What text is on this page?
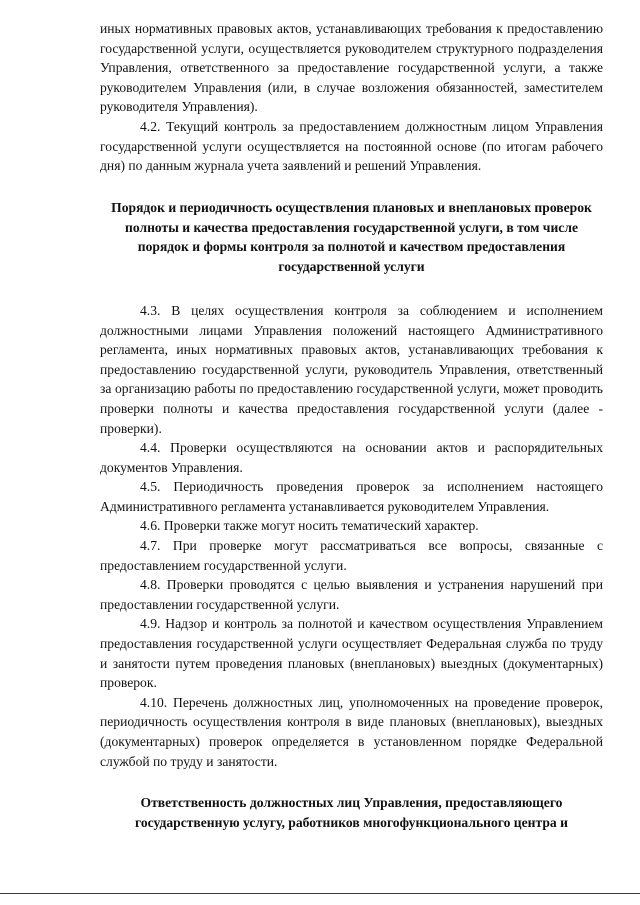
иных нормативных правовых актов, устанавливающих требования к предоставлению государственной услуги, осуществляется руководителем структурного подразделения Управления, ответственного за предоставление государственной услуги, а также руководителем Управления (или, в случае возложения обязанностей, заместителем руководителя Управления).

4.2. Текущий контроль за предоставлением должностным лицом Управления государственной услуги осуществляется на постоянной основе (по итогам рабочего дня) по данным журнала учета заявлений и решений Управления.

Порядок и периодичность осуществления плановых и внеплановых проверок полноты и качества предоставления государственной услуги, в том числе порядок и формы контроля за полнотой и качеством предоставления государственной услуги

4.3. В целях осуществления контроля за соблюдением и исполнением должностными лицами Управления положений настоящего Административного регламента, иных нормативных правовых актов, устанавливающих требования к предоставлению государственной услуги, руководитель Управления, ответственный за организацию работы по предоставлению государственной услуги, может проводить проверки полноты и качества предоставления государственной услуги (далее - проверки).

4.4. Проверки осуществляются на основании актов и распорядительных документов Управления.

4.5. Периодичность проведения проверок за исполнением настоящего Административного регламента устанавливается руководителем Управления.

4.6. Проверки также могут носить тематический характер.

4.7. При проверке могут рассматриваться все вопросы, связанные с предоставлением государственной услуги.

4.8. Проверки проводятся с целью выявления и устранения нарушений при предоставлении государственной услуги.

4.9. Надзор и контроль за полнотой и качеством осуществления Управлением предоставления государственной услуги осуществляет Федеральная служба по труду и занятости путем проведения плановых (внеплановых) выездных (документарных) проверок.

4.10. Перечень должностных лиц, уполномоченных на проведение проверок, периодичность осуществления контроля в виде плановых (внеплановых), выездных (документарных) проверок определяется в установленном порядке Федеральной службой по труду и занятости.

Ответственность должностных лиц Управления, предоставляющего государственную услугу, работников многофункционального центра и
